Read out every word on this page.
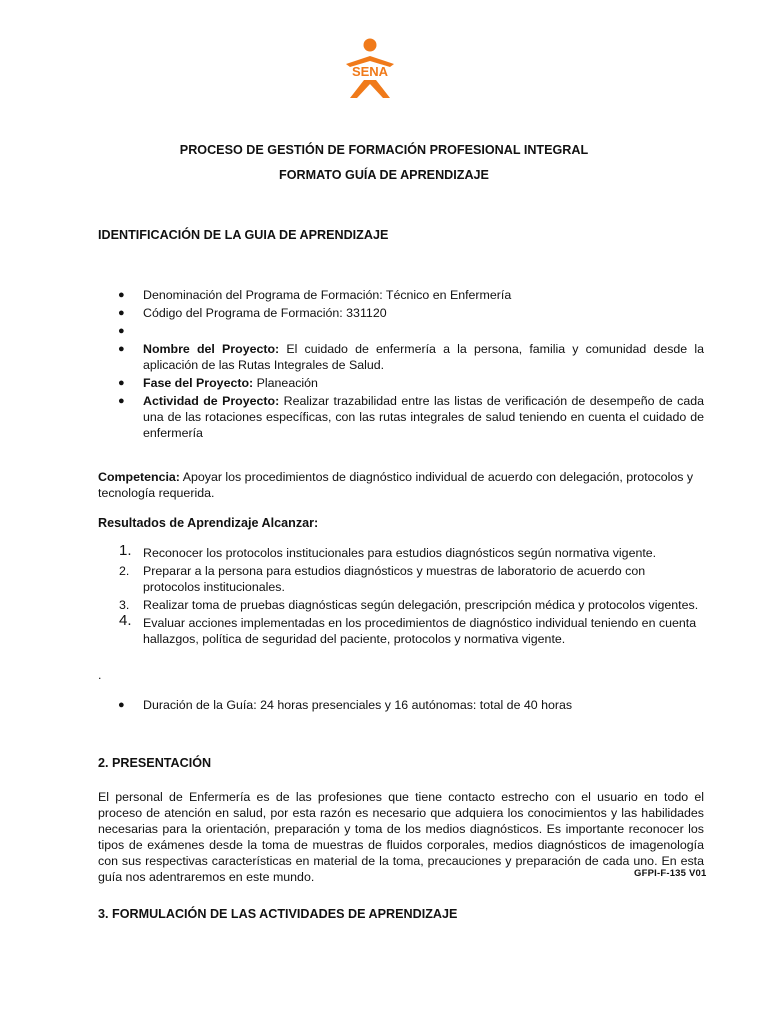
SENA
PROCESO DE GESTIÓN DE FORMACIÓN PROFESIONAL INTEGRAL
FORMATO GUÍA DE APRENDIZAJE
IDENTIFICACIÓN DE LA GUIA DE APRENDIZAJE
● Denominación del Programa de Formación: Técnico en Enfermería
● Código del Programa de Formación: 331120
●
● Nombre del Proyecto: El cuidado de enfermería a la persona, familia y comunidad desde la aplicación de las Rutas Integrales de Salud.
● Fase del Proyecto: Planeación
● Actividad de Proyecto: Realizar trazabilidad entre las listas de verificación de desempeño de cada una de las rotaciones específicas, con las rutas integrales de salud teniendo en cuenta el cuidado de enfermería
Competencia: Apoyar los procedimientos de diagnóstico individual de acuerdo con delegación, protocolos y tecnología requerida.
Resultados de Aprendizaje Alcanzar:
1. Reconocer los protocolos institucionales para estudios diagnósticos según normativa vigente.
2. Preparar a la persona para estudios diagnósticos y muestras de laboratorio de acuerdo con protocolos institucionales.
3. Realizar toma de pruebas diagnósticas según delegación, prescripción médica y protocolos vigentes.
4. Evaluar acciones implementadas en los procedimientos de diagnóstico individual teniendo en cuenta hallazgos, política de seguridad del paciente, protocolos y normativa vigente.
.
● Duración de la Guía: 24 horas presenciales y 16 autónomas: total de 40 horas
2. PRESENTACIÓN
El personal de Enfermería es de las profesiones que tiene contacto estrecho con el usuario en todo el proceso de atención en salud, por esta razón es necesario que adquiera los conocimientos y las habilidades necesarias para la orientación, preparación y toma de los medios diagnósticos. Es importante reconocer los tipos de exámenes desde la toma de muestras de fluidos corporales, medios diagnósticos de imagenología con sus respectivas características en material de la toma, precauciones y preparación de cada uno. En esta guía nos adentraremos en este mundo.	GFPI-F-135 V01
3. FORMULACIÓN DE LAS ACTIVIDADES DE APRENDIZAJE
